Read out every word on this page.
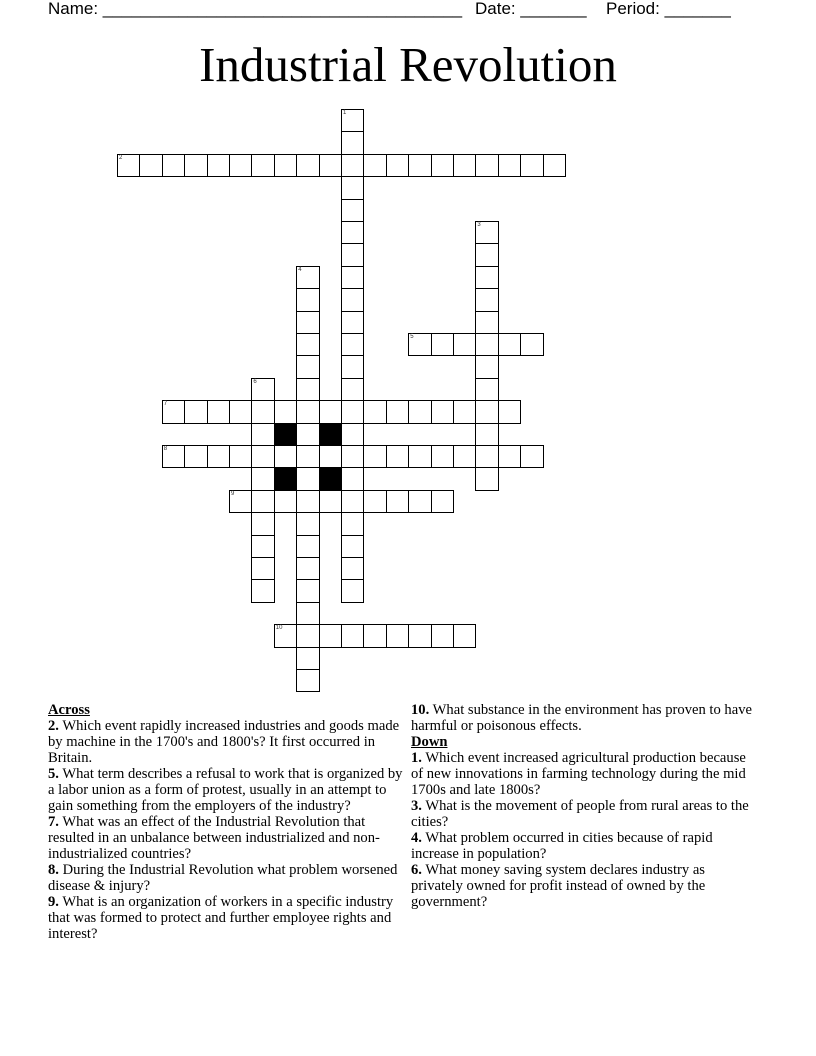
Name: ______________________________________ Date: _______ Period: _______
Industrial Revolution
1
2
3
4
5
6
7
8
9
10
Across

2. Which event rapidly increased industries and goods made by machine in the 1700's and 1800's? It first occurred in Britain.

5. What term describes a refusal to work that is organized by a labor union as a form of protest, usually in an attempt to gain something from the employers of the industry?

7. What was an effect of the Industrial Revolution that resulted in an unbalance between industrialized and non-industrialized countries?

8. During the Industrial Revolution what problem worsened disease & injury?

9. What is an organization of workers in a specific industry that was formed to protect and further employee rights and interest?

10. What substance in the environment has proven to have harmful or poisonous effects.

Down

1. Which event increased agricultural production because of new innovations in farming technology during the mid 1700s and late 1800s?

3. What is the movement of people from rural areas to the cities?

4. What problem occurred in cities because of rapid increase in population?

6. What money saving system declares industry as privately owned for profit instead of owned by the government?
